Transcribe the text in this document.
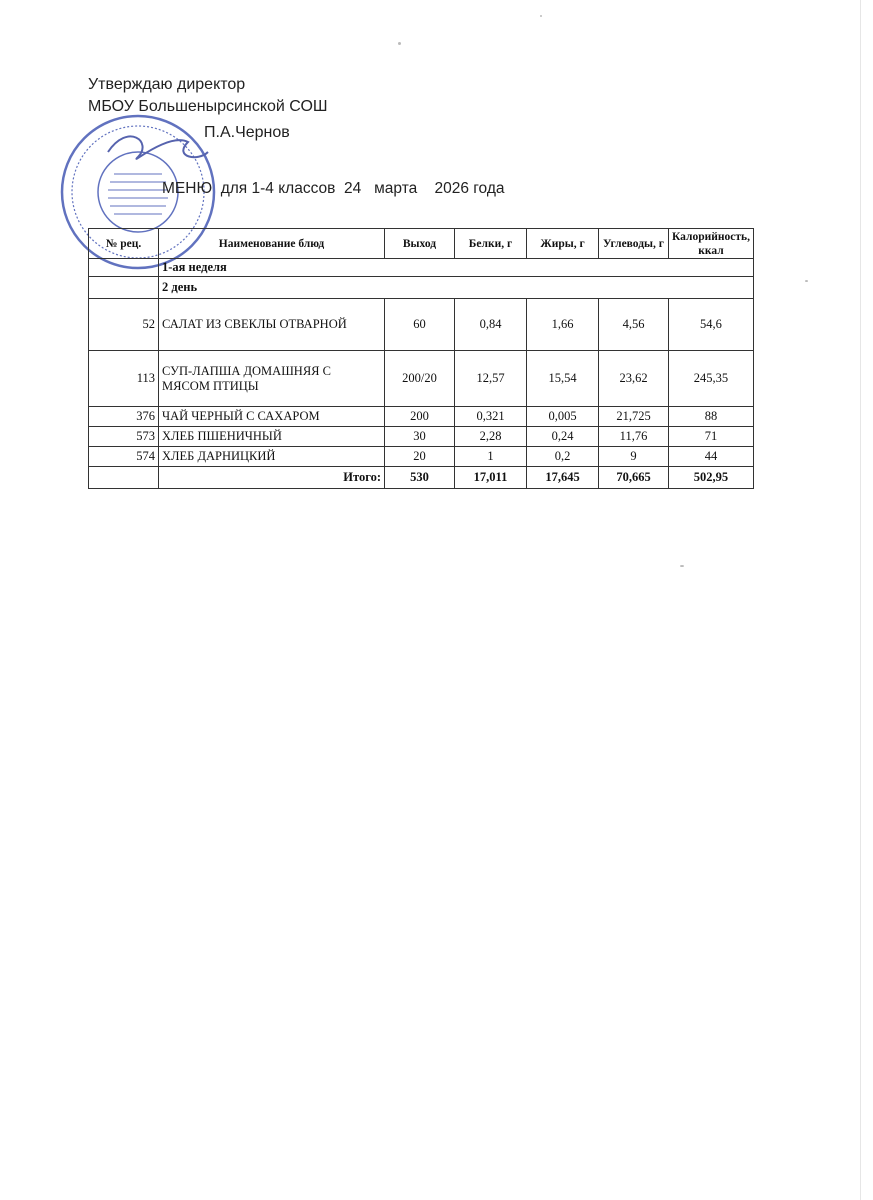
Утверждаю директор
МБОУ Большенырсинской СОШ
П.А.Чернов
МЕНЮ  для 1-4 классов  24   марта    2026 года
№ рец.	Наименование блюд	Выход	Белки, г	Жиры, г	Углеводы, г	Калорийность, ккал
	1-ая неделя					
	2 день					
52	САЛАТ ИЗ СВЕКЛЫ ОТВАРНОЙ	60	0,84	1,66	4,56	54,6
113	СУП-ЛАПША ДОМАШНЯЯ С МЯСОМ ПТИЦЫ	200/20	12,57	15,54	23,62	245,35
376	ЧАЙ ЧЕРНЫЙ С САХАРОМ	200	0,321	0,005	21,725	88
573	ХЛЕБ ПШЕНИЧНЫЙ	30	2,28	0,24	11,76	71
574	ХЛЕБ ДАРНИЦКИЙ	20	1	0,2	9	44
	Итого:	530	17,011	17,645	70,665	502,95
